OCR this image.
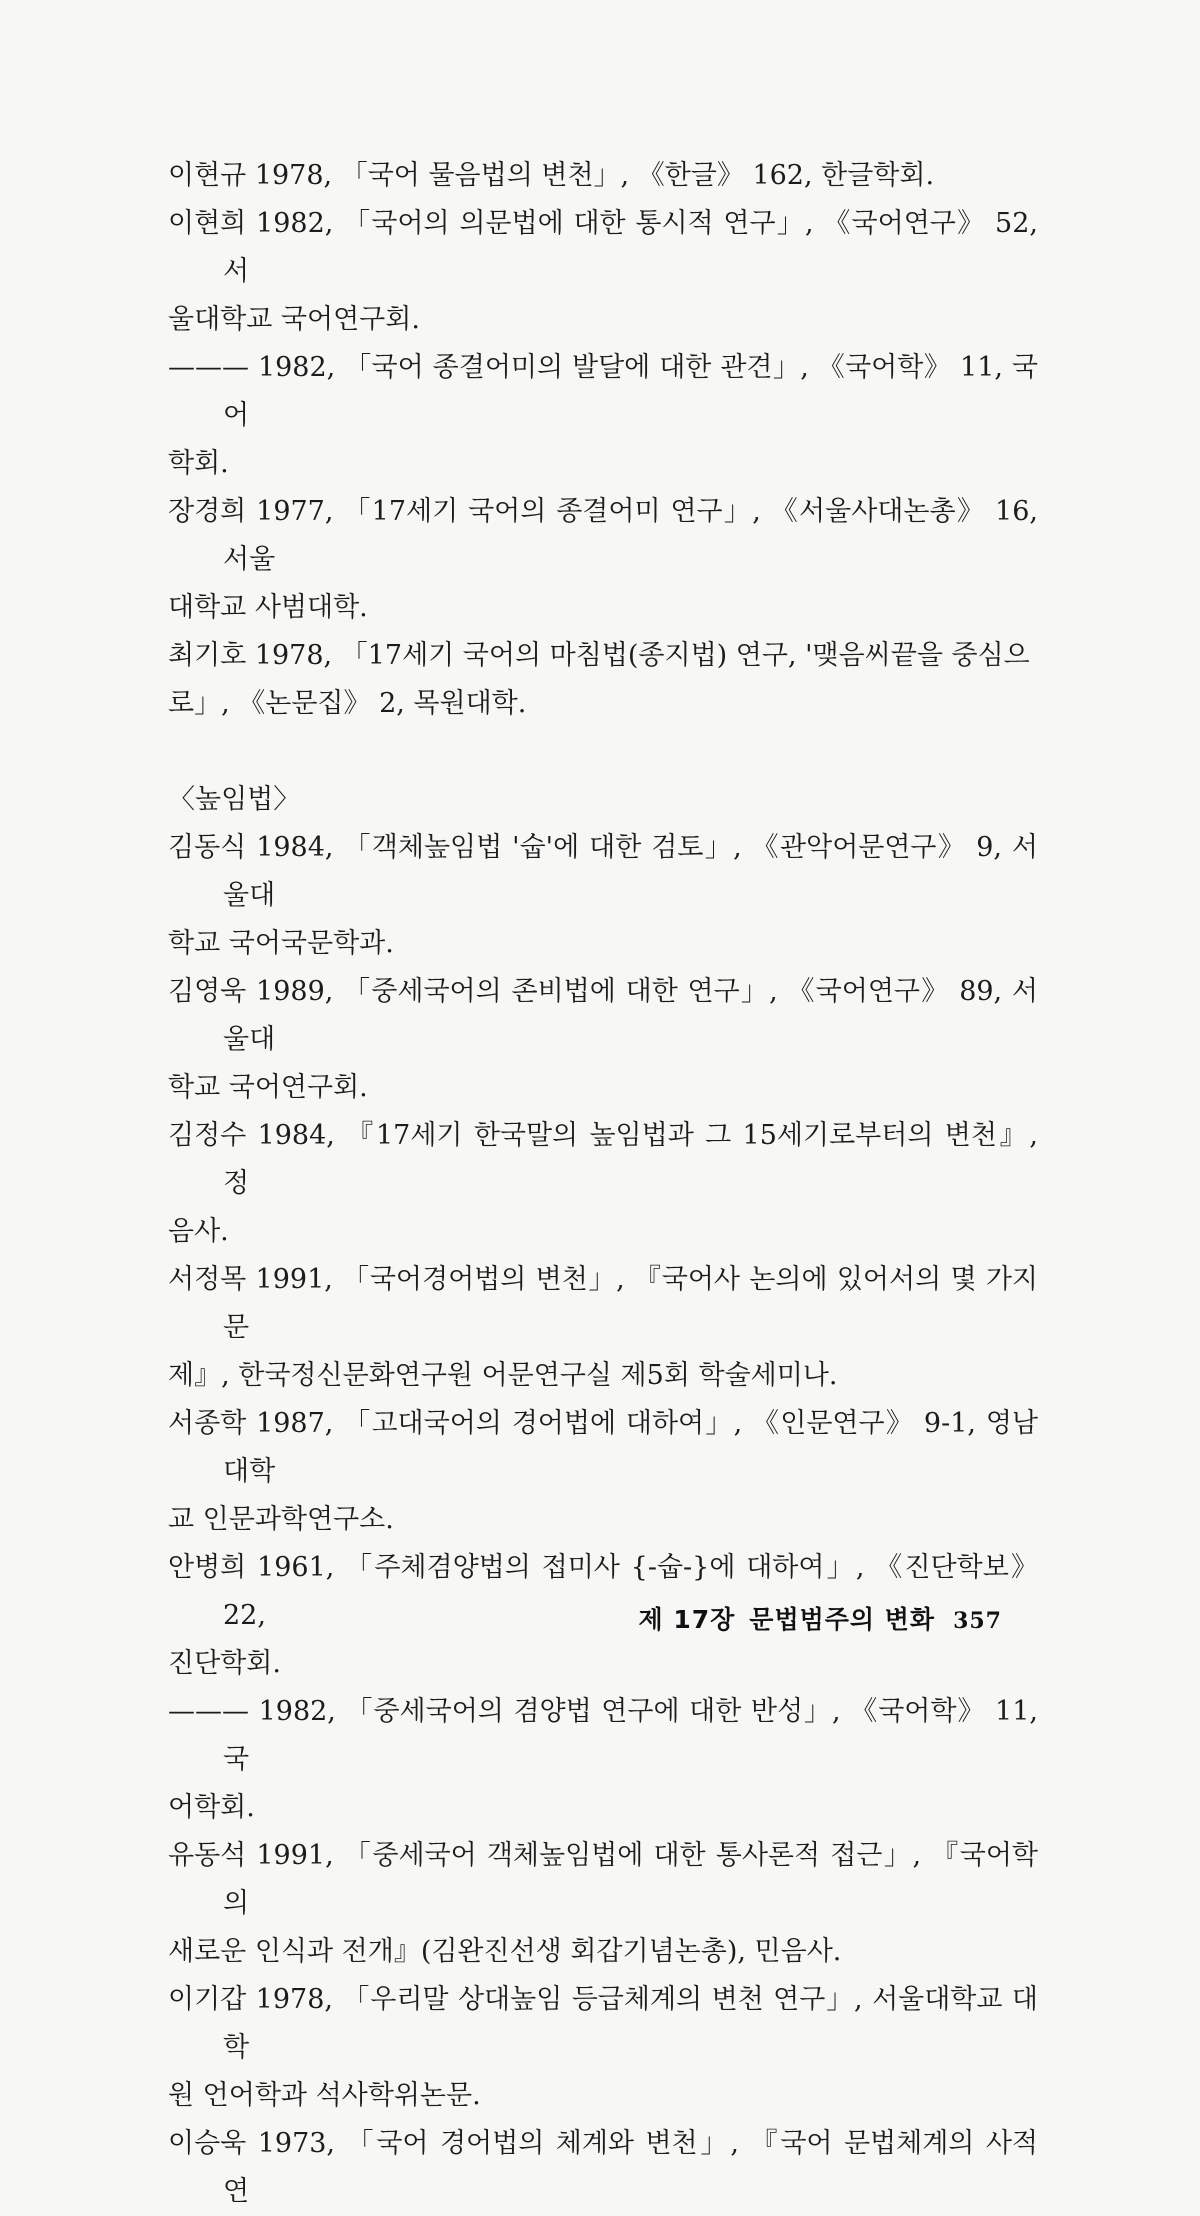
이현규 1978, 「국어 물음법의 변천」, 《한글》 162, 한글학회.

이현희 1982, 「국어의 의문법에 대한 통시적 연구」, 《국어연구》 52, 서
울대학교 국어연구회.

——— 1982, 「국어 종결어미의 발달에 대한 관견」, 《국어학》 11, 국어
학회.

장경희 1977, 「17세기 국어의 종결어미 연구」, 《서울사대논총》 16, 서울
대학교 사범대학.

최기호 1978, 「17세기 국어의 마침법(종지법) 연구, '맺음씨끝을 중심으
로」, 《논문집》 2, 목원대학.

〈높임법〉

김동식 1984, 「객체높임법 '숩'에 대한 검토」, 《관악어문연구》 9, 서울대
학교 국어국문학과.

김영욱 1989, 「중세국어의 존비법에 대한 연구」, 《국어연구》 89, 서울대
학교 국어연구회.

김정수 1984, 『17세기 한국말의 높임법과 그 15세기로부터의 변천』, 정
음사.

서정목 1991, 「국어경어법의 변천」, 『국어사 논의에 있어서의 몇 가지 문
제』, 한국정신문화연구원 어문연구실 제5회 학술세미나.

서종학 1987, 「고대국어의 경어법에 대하여」, 《인문연구》 9-1, 영남대학
교 인문과학연구소.

안병희 1961, 「주체겸양법의 접미사 {-숩-}에 대하여」, 《진단학보》 22,
진단학회.

——— 1982, 「중세국어의 겸양법 연구에 대한 반성」, 《국어학》 11, 국
어학회.

유동석 1991, 「중세국어 객체높임법에 대한 통사론적 접근」, 『국어학의
새로운 인식과 전개』(김완진선생 회갑기념논총), 민음사.

이기갑 1978, 「우리말 상대높임 등급체계의 변천 연구」, 서울대학교 대학
원 언어학과 석사학위논문.

이승욱 1973, 「국어 경어법의 체계와 변천」, 『국어 문법체계의 사적 연

제 17장 문법범주의 변화 357
